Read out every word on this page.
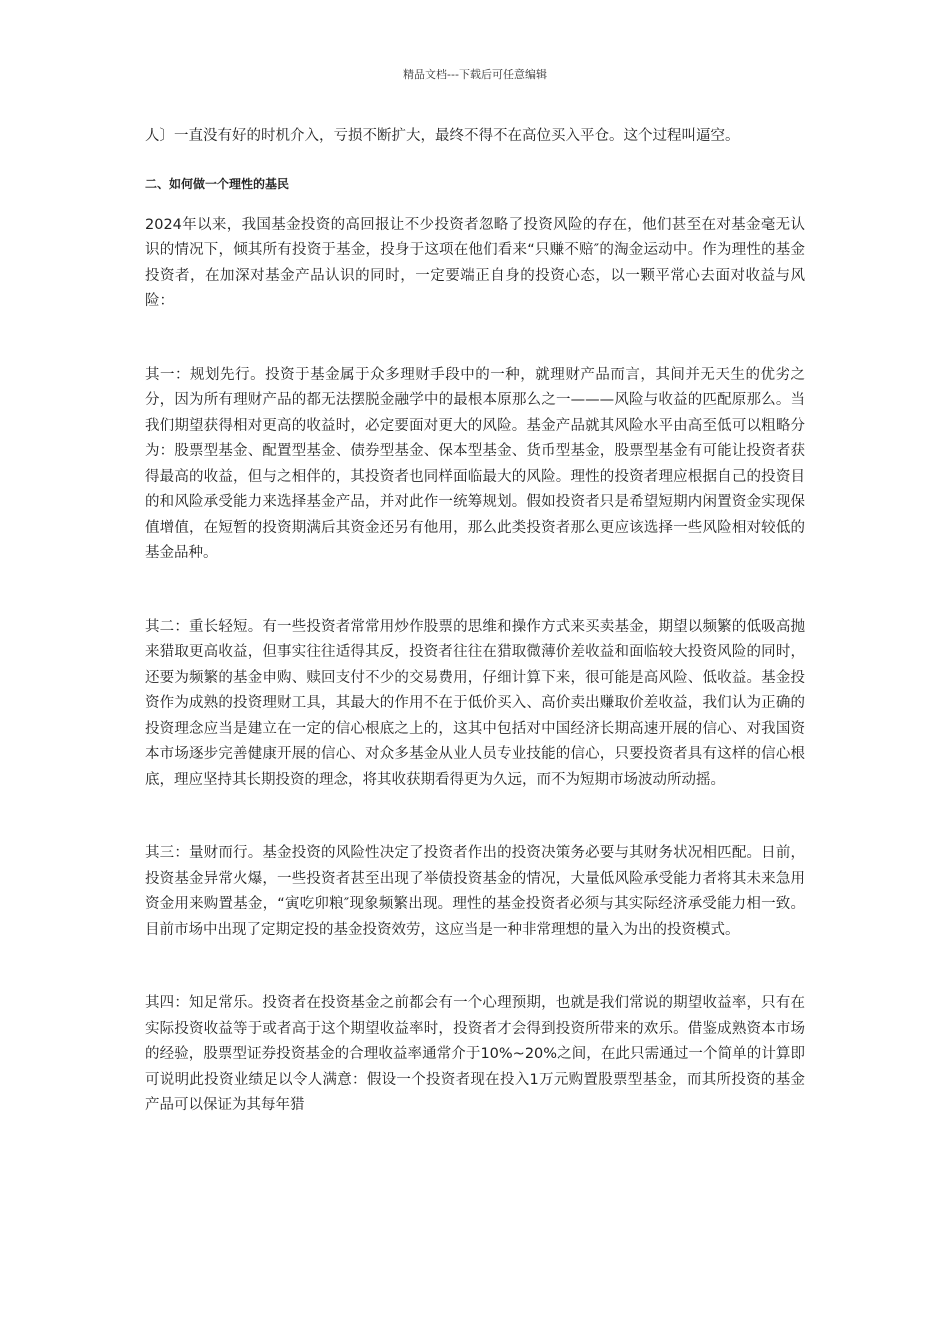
精品文档---下载后可任意编辑

人〕一直没有好的时机介入，亏损不断扩大，最终不得不在高位买入平仓。这个过程叫逼空。

二、如何做一个理性的基民

2024年以来，我国基金投资的高回报让不少投资者忽略了投资风险的存在，他们甚至在对基金毫无认识的情况下，倾其所有投资于基金，投身于这项在他们看来“只赚不赔″的淘金运动中。作为理性的基金投资者，在加深对基金产品认识的同时，一定要端正自身的投资心态，以一颗平常心去面对收益与风险：

其一：规划先行。投资于基金属于众多理财手段中的一种，就理财产品而言，其间并无天生的优劣之分，因为所有理财产品的都无法摆脱金融学中的最根本原那么之一———风险与收益的匹配原那么。当我们期望获得相对更高的收益时，必定要面对更大的风险。基金产品就其风险水平由高至低可以粗略分为：股票型基金、配置型基金、债券型基金、保本型基金、货币型基金，股票型基金有可能让投资者获得最高的收益，但与之相伴的，其投资者也同样面临最大的风险。理性的投资者理应根据自己的投资目的和风险承受能力来选择基金产品，并对此作一统筹规划。假如投资者只是希望短期内闲置资金实现保值增值，在短暂的投资期满后其资金还另有他用，那么此类投资者那么更应该选择一些风险相对较低的基金品种。

其二：重长轻短。有一些投资者常常用炒作股票的思维和操作方式来买卖基金，期望以频繁的低吸高抛来猎取更高收益，但事实往往适得其反，投资者往往在猎取微薄价差收益和面临较大投资风险的同时，还要为频繁的基金申购、赎回支付不少的交易费用，仔细计算下来，很可能是高风险、低收益。基金投资作为成熟的投资理财工具，其最大的作用不在于低价买入、高价卖出赚取价差收益，我们认为正确的投资理念应当是建立在一定的信心根底之上的，这其中包括对中国经济长期高速开展的信心、对我国资本市场逐步完善健康开展的信心、对众多基金从业人员专业技能的信心，只要投资者具有这样的信心根底，理应坚持其长期投资的理念，将其收获期看得更为久远，而不为短期市场波动所动摇。

其三：量财而行。基金投资的风险性决定了投资者作出的投资决策务必要与其财务状况相匹配。日前，投资基金异常火爆，一些投资者甚至出现了举债投资基金的情况，大量低风险承受能力者将其未来急用资金用来购置基金，“寅吃卯粮″现象频繁出现。理性的基金投资者必须与其实际经济承受能力相一致。目前市场中出现了定期定投的基金投资效劳，这应当是一种非常理想的量入为出的投资模式。

其四：知足常乐。投资者在投资基金之前都会有一个心理预期，也就是我们常说的期望收益率，只有在实际投资收益等于或者高于这个期望收益率时，投资者才会得到投资所带来的欢乐。借鉴成熟资本市场的经验，股票型证券投资基金的合理收益率通常介于10%~20%之间，在此只需通过一个简单的计算即可说明此投资业绩足以令人满意：假设一个投资者现在投入1万元购置股票型基金，而其所投资的基金产品可以保证为其每年猎
